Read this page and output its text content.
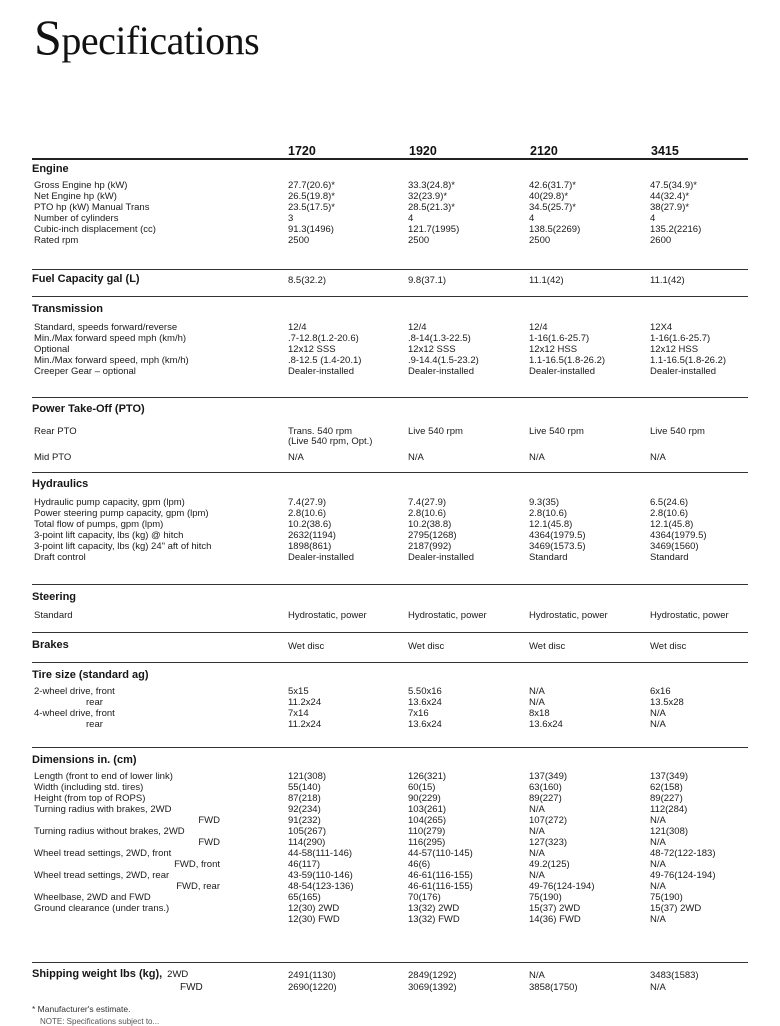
Specifications
1720	1920	2120	3415
Engine
Gross Engine hp (kW)	27.7(20.6)*	33.3(24.8)*	42.6(31.7)*	47.5(34.9)*
Net Engine hp (kW)	26.5(19.8)*	32(23.9)*	40(29.8)*	44(32.4)*
PTO hp (kW) Manual Trans	23.5(17.5)*	28.5(21.3)*	34.5(25.7)*	38(27.9)*
Number of cylinders	3	4	4	4
Cubic-inch displacement (cc)	91.3(1496)	121.7(1995)	138.5(2269)	135.2(2216)
Rated rpm	2500	2500	2500	2600
Fuel Capacity gal (L)	8.5(32.2)	9.8(37.1)	11.1(42)	11.1(42)
Transmission
Standard, speeds forward/reverse	12/4	12/4	12/4	12X4
Min./Max forward speed mph (km/h)	.7-12.8(1.2-20.6)	.8-14(1.3-22.5)	1-16(1.6-25.7)	1-16(1.6-25.7)
Optional	12x12 SSS	12x12 SSS	12x12 HSS	12x12 HSS
Min./Max forward speed, mph (km/h)	.8-12.5 (1.4-20.1)	.9-14.4(1.5-23.2)	1.1-16.5(1.8-26.2)	1.1-16.5(1.8-26.2)
Creeper Gear – optional	Dealer-installed	Dealer-installed	Dealer-installed	Dealer-installed
Power Take-Off (PTO)
Rear PTO	Trans. 540 rpm	Live 540 rpm	Live 540 rpm	Live 540 rpm
(Live 540 rpm, Opt.)
Mid PTO	N/A	N/A	N/A	N/A
Hydraulics
Hydraulic pump capacity, gpm (lpm)	7.4(27.9)	7.4(27.9)	9.3(35)	6.5(24.6)
Power steering pump capacity, gpm (lpm)	2.8(10.6)	2.8(10.6)	2.8(10.6)	2.8(10.6)
Total flow of pumps, gpm (lpm)	10.2(38.6)	10.2(38.8)	12.1(45.8)	12.1(45.8)
3-point lift capacity, lbs (kg) @ hitch	2632(1194)	2795(1268)	4364(1979.5)	4364(1979.5)
3-point lift capacity, lbs (kg) 24" aft of hitch	1898(861)	2187(992)	3469(1573.5)	3469(1560)
Draft control	Dealer-installed	Dealer-installed	Standard	Standard
Steering
Standard	Hydrostatic, power	Hydrostatic, power	Hydrostatic, power	Hydrostatic, power
Brakes	Wet disc	Wet disc	Wet disc	Wet disc
Tire size (standard ag)
2-wheel drive, front	5x15	5.50x16	N/A	6x16
rear	11.2x24	13.6x24	N/A	13.5x28
4-wheel drive, front	7x14	7x16	8x18	N/A
rear	11.2x24	13.6x24	13.6x24	N/A
Dimensions in. (cm)
Length (front to end of lower link)	121(308)	126(321)	137(349)	137(349)
Width (including std. tires)	55(140)	60(15)	63(160)	62(158)
Height (from top of ROPS)	87(218)	90(229)	89(227)	89(227)
Turning radius with brakes, 2WD	92(234)	103(261)	N/A	112(284)
FWD	91(232)	104(265)	107(272)	N/A
Turning radius without brakes, 2WD	105(267)	110(279)	N/A	121(308)
FWD	114(290)	116(295)	127(323)	N/A
Wheel tread settings, 2WD, front	44-58(111-146)	44-57(110-145)	N/A	48-72(122-183)
FWD, front	46(117)	46(6)	49.2(125)	N/A
Wheel tread settings, 2WD, rear	43-59(110-146)	46-61(116-155)	N/A	49-76(124-194)
FWD, rear	48-54(123-136)	46-61(116-155)	49-76(124-194)	N/A
Wheelbase, 2WD and FWD	65(165)	70(176)	75(190)	75(190)
Ground clearance (under trans.)	12(30) 2WD	13(32) 2WD	15(37) 2WD	15(37) 2WD
12(30) FWD	13(32) FWD	14(36) FWD	N/A
Shipping weight lbs (kg), 2WD	2491(1130)	2849(1292)	N/A	3483(1583)
FWD	2690(1220)	3069(1392)	3858(1750)	N/A
* Manufacturer's estimate.
NOTE: Specifications subject to...
